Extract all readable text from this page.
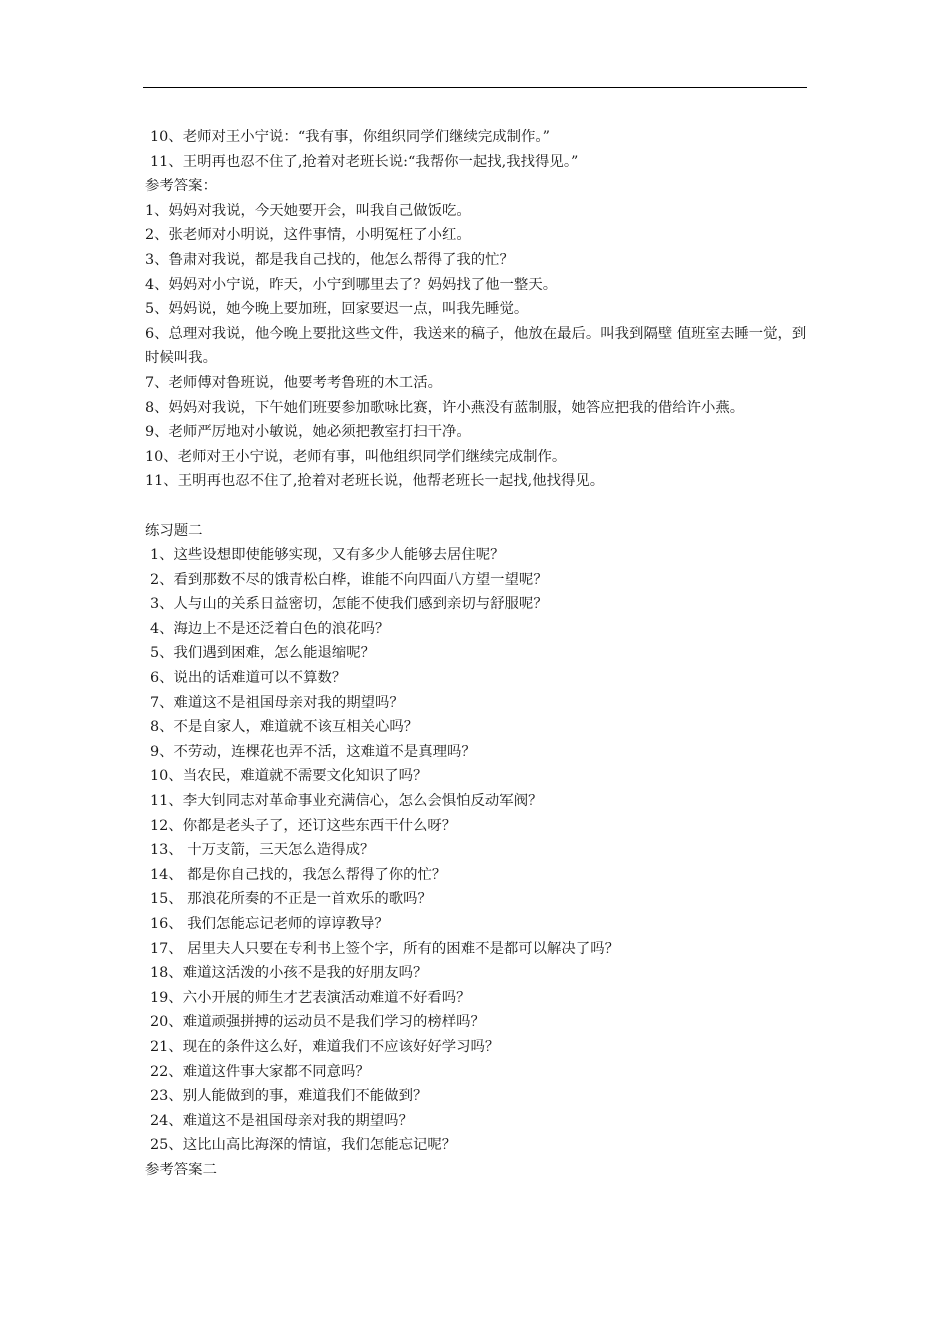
10、老师对王小宁说：“我有事，你组织同学们继续完成制作。”

11、王明再也忍不住了,抢着对老班长说:“我帮你一起找,我找得见。”

参考答案：

1、妈妈对我说，今天她要开会，叫我自己做饭吃。

2、张老师对小明说，这件事情，小明冤枉了小红。

3、鲁肃对我说，都是我自己找的，他怎么帮得了我的忙？

4、妈妈对小宁说，昨天，小宁到哪里去了？妈妈找了他一整天。

5、妈妈说，她今晚上要加班，回家要迟一点，叫我先睡觉。

6、总理对我说，他今晚上要批这些文件，我送来的稿子，他放在最后。叫我到隔壁 值班室去睡一觉，到时候叫我。

7、老师傅对鲁班说，他要考考鲁班的木工活。

8、妈妈对我说，下午她们班要参加歌咏比赛，许小燕没有蓝制服，她答应把我的借给许小燕。

9、老师严厉地对小敏说，她必须把教室打扫干净。

10、老师对王小宁说，老师有事，叫他组织同学们继续完成制作。

11、王明再也忍不住了,抢着对老班长说，他帮老班长一起找,他找得见。

练习题二

1、这些设想即使能够实现，又有多少人能够去居住呢？

2、看到那数不尽的饿青松白桦，谁能不向四面八方望一望呢？

3、人与山的关系日益密切，怎能不使我们感到亲切与舒服呢？

4、海边上不是还泛着白色的浪花吗？

5、我们遇到困难，怎么能退缩呢？

6、说出的话难道可以不算数？

7、难道这不是祖国母亲对我的期望吗？

8、不是自家人，难道就不该互相关心吗？

9、不劳动，连棵花也弄不活，这难道不是真理吗？

10、当农民，难道就不需要文化知识了吗？

11、李大钊同志对革命事业充满信心，怎么会惧怕反动军阀？

12、你都是老头子了，还订这些东西干什么呀？

13、 十万支箭，三天怎么造得成？

14、 都是你自己找的，我怎么帮得了你的忙？

15、 那浪花所奏的不正是一首欢乐的歌吗？

16、 我们怎能忘记老师的谆谆教导？

17、 居里夫人只要在专利书上签个字，所有的困难不是都可以解决了吗？

18、难道这活泼的小孩不是我的好朋友吗？

19、六小开展的师生才艺表演活动难道不好看吗？

20、难道顽强拼搏的运动员不是我们学习的榜样吗？

21、现在的条件这么好，难道我们不应该好好学习吗？

22、难道这件事大家都不同意吗？

23、别人能做到的事，难道我们不能做到？

24、难道这不是祖国母亲对我的期望吗？

25、这比山高比海深的情谊，我们怎能忘记呢？

参考答案二
